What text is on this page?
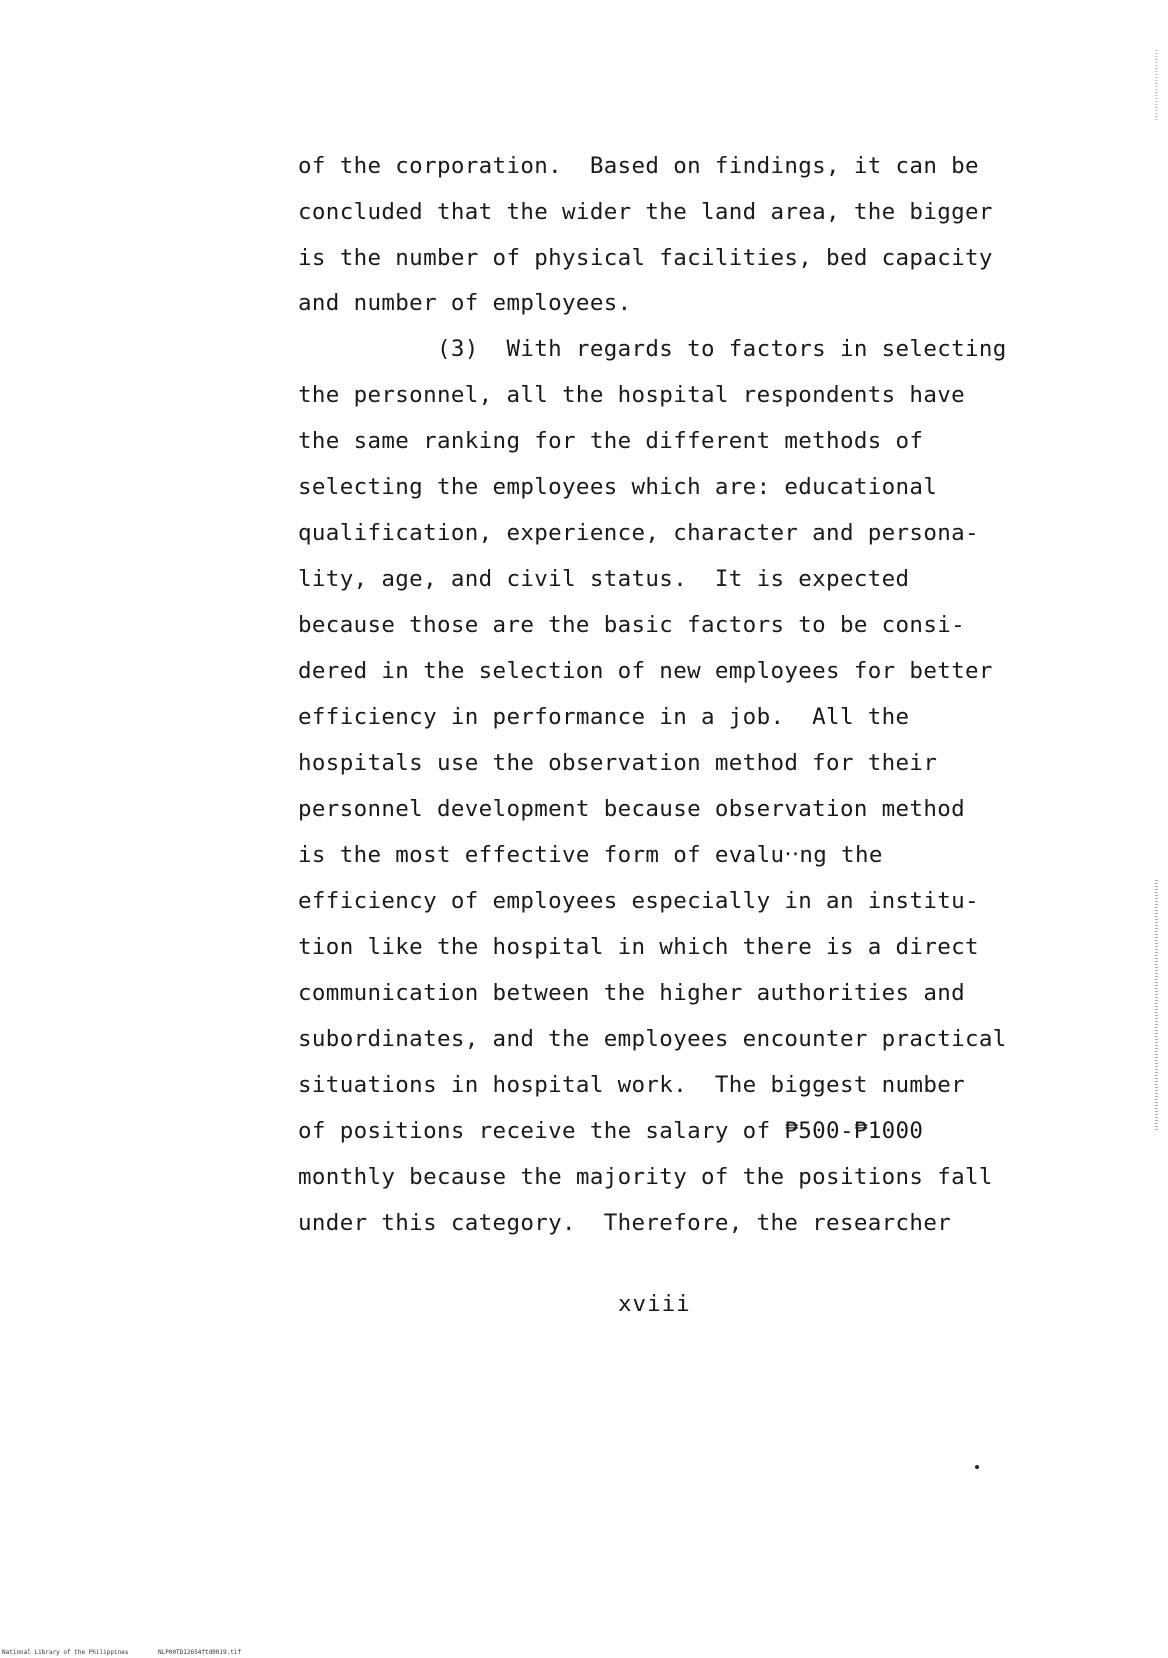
of the corporation.  Based on findings, it can be
concluded that the wider the land area, the bigger
is the number of physical facilities, bed capacity
and number of employees.
(3)  With regards to factors in selecting
the personnel, all the hospital respondents have
the same ranking for the different methods of
selecting the employees which are: educational
qualification, experience, character and persona-
lity, age, and civil status.  It is expected
because those are the basic factors to be consi-
dered in the selection of new employees for better
efficiency in performance in a job.  All the
hospitals use the observation method for their
personnel development because observation method
is the most effective form of evalu‧‧ng the
efficiency of employees especially in an institu-
tion like the hospital in which there is a direct
communication between the higher authorities and
subordinates, and the employees encounter practical
situations in hospital work.  The biggest number
of positions receive the salary of ₱500-₱1000
monthly because the majority of the positions fall
under this category.  Therefore, the researcher
xviii
National Library of the Philippines	NLP00TD12654ftd0019.tif
